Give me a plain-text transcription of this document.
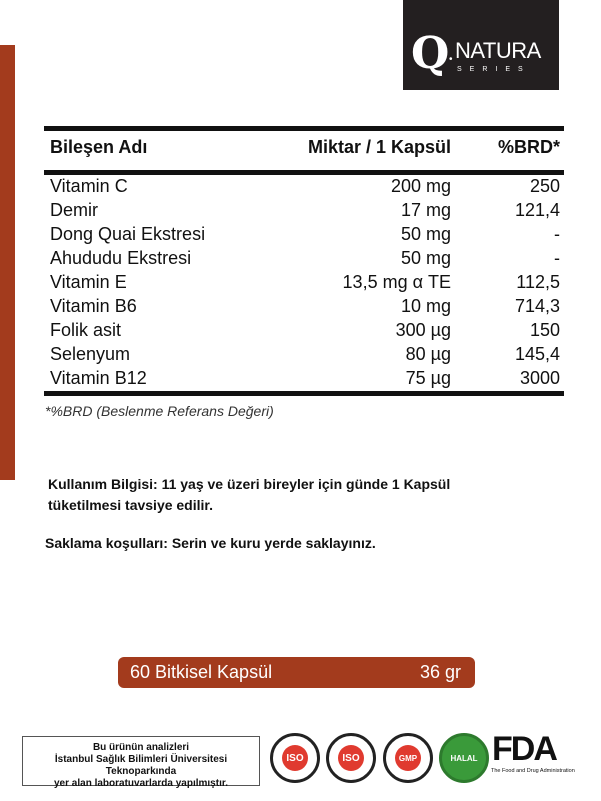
Q • NATURA
SERIES
Bileşen Adı	Miktar / 1 Kapsül	%BRD*
Vitamin C	200 mg	250
Demir	17 mg	121,4
Dong Quai Ekstresi	50 mg	-
Ahududu Ekstresi	50 mg	-
Vitamin E	13,5 mg α TE	112,5
Vitamin B6	10 mg	714,3
Folik asit	300 µg	150
Selenyum	80 µg	145,4
Vitamin B12	75 µg	3000
*%BRD (Beslenme Referans Değeri)
Kullanım Bilgisi: 11 yaş ve üzeri bireyler için günde 1 Kapsül tüketilmesi tavsiye edilir.
Saklama koşulları: Serin ve kuru yerde saklayınız.
60 Bitkisel Kapsül	36 gr
Bu ürünün analizleri
İstanbul Sağlık Bilimleri Üniversitesi Teknoparkında
yer alan laboratuvarlarda yapılmıştır.
ISO	ISO	GMP	HALAL FDA
The Food and Drug Administration
